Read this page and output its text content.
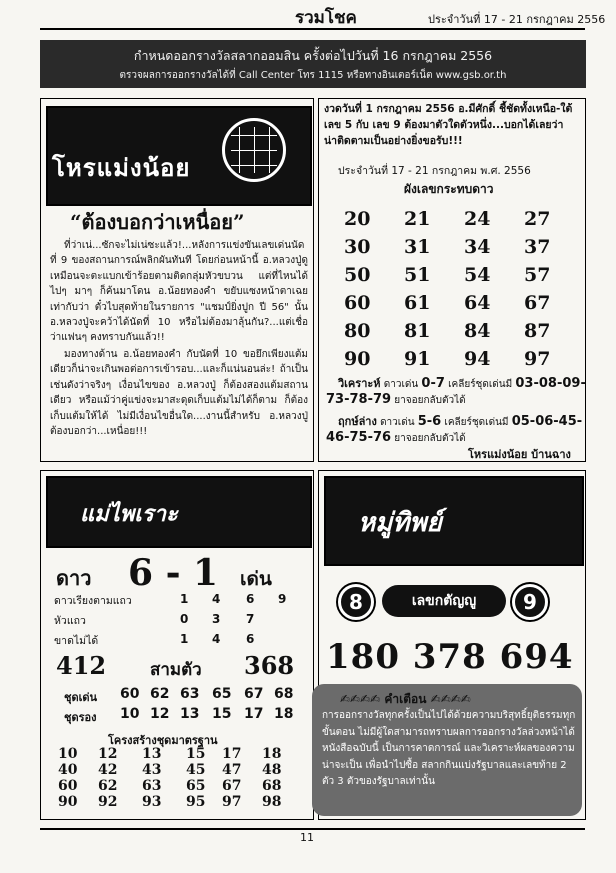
รวมโชค	ประจำวันที่ 17 - 21 กรกฎาคม 2556
กำหนดออกรางวัลสลากออมสิน ครั้งต่อไปวันที่ 16 กรกฎาคม 2556
ตรวจผลการออกรางวัลได้ที่ Call Center โทร 1115 หรือทางอินเตอร์เน็ต www.gsb.or.th
โหรแม่งน้อย
“ต้องบอกว่าเหนื่อย”
ที่ว่าเน่...ซักจะไม่เน่ซะแล้ว!...หลังการแข่งขันเลขเด่นนัดที่ 9 ของสถานการณ์พลิกผันทันที โดยก่อนหน้านี้ อ.หลวงปู่ดูเหมือนจะตะแบกเข้าร้อยตามติดกลุ่มหัวขบวน แต่ที่ไหนได้ไปๆ มาๆ ก็ค้นมาโดน อ.น้อยทองคำ ขยับแซงหน้าตาเฉย เท่ากับว่า ตั๋วไบสุดท้ายในรายการ "แชมป์ยิ่งปูก ปี 56" นั้น อ.หลวงปู่จะคว้าได้นัดที่ 10 หรือไม่ต้องมาลุ้นกัน?...แต่เชื่อว่าแฟนๆ คงทราบกันแล้ว!!
มองทางด้าน อ.น้อยทองคำ กับนัดที่ 10 ขอยึกเพียงแต้มเดียวก็น่าจะเกินพอต่อการเข้ารอบ...และก็แน่นอนล่ะ! ถ้าเป็นเช่นดังว่าจริงๆ เงื่อนไขของ อ.หลวงปู่ ก็ต้องสองแต้มสถานเดียว หรือแม้ว่าคู่แข่งจะมาสะดุดเก็บแต้มไม่ได้ก็ตาม ก็ต้องเก็บแต้มให้ได้ ไม่มีเงื่อนไขอื่นใด....งานนี้สำหรับ อ.หลวงปู่ ต้องบอกว่า...เหนื่อย!!!
งวดวันที่ 1 กรกฎาคม 2556 อ.มีศักดิ์ ชี้ชัดทั้งเหนือ-ใต้เลข 5 กับ เลข 9 ต้องมาตัวใดตัวหนึ่ง...บอกได้เลยว่า น่าติดตามเป็นอย่างยิ่งขอรับ!!!
ประจำวันที่ 17 - 21 กรกฎาคม พ.ศ. 2556
ผังเลขกระทบดาว
20 21 24 27
30 31 34 37
50 51 54 57
60 61 64 67
80 81 84 87
90 91 94 97
วิเคราะห์ ดาวเด่น 0-7 เคลียร์ชุดเด่นมี 03-08-09-
73-78-79 ยาจอยกลับตัวได้
ฤกษ์ล่าง ดาวเด่น 5-6 เคลียร์ชุดเด่นมี 05-06-45-
46-75-76 ยาจอยกลับตัวได้
โหรแม่งน้อย บ้านฉาง
แม่ไพเราะ
ดาว 6 - 1 เด่น
ดาวเรียงตามแถว	1 4 6 9
หัวแถว	0 3 7
ขาดไม่ได้	1 4 6
412	สามตัว 368
ชุดเด่น 60 62 63 65 67 68
ชุดรอง 10 12 13 15 17 18
โครงสร้างชุดมาตรฐาน
10 12 13 15 17 18
40 42 43 45 47 48
60 62 63 65 67 68
90 92 93 95 97 98
หมู่ทิพย์
8	เลขกตัญญู	9
180 378 694
✍✍✍✍ คำเตือน ✍✍✍✍
การออกรางวัลทุกครั้งเป็นไปได้ด้วยความบริสุทธิ์ยุติธรรมทุกขั้นตอน ไม่มีผู้ใดสามารถทราบผลการออกรางวัลล่วงหน้าได้ หนังสือฉบับนี้ เป็นการคาดการณ์ และวิเคราะห์ผลของความน่าจะเป็น เพื่อนำไปซื้อ สลากกินแบ่งรัฐบาลและเลขท้าย 2 ตัว 3 ตัวของรัฐบาลเท่านั้น
11
